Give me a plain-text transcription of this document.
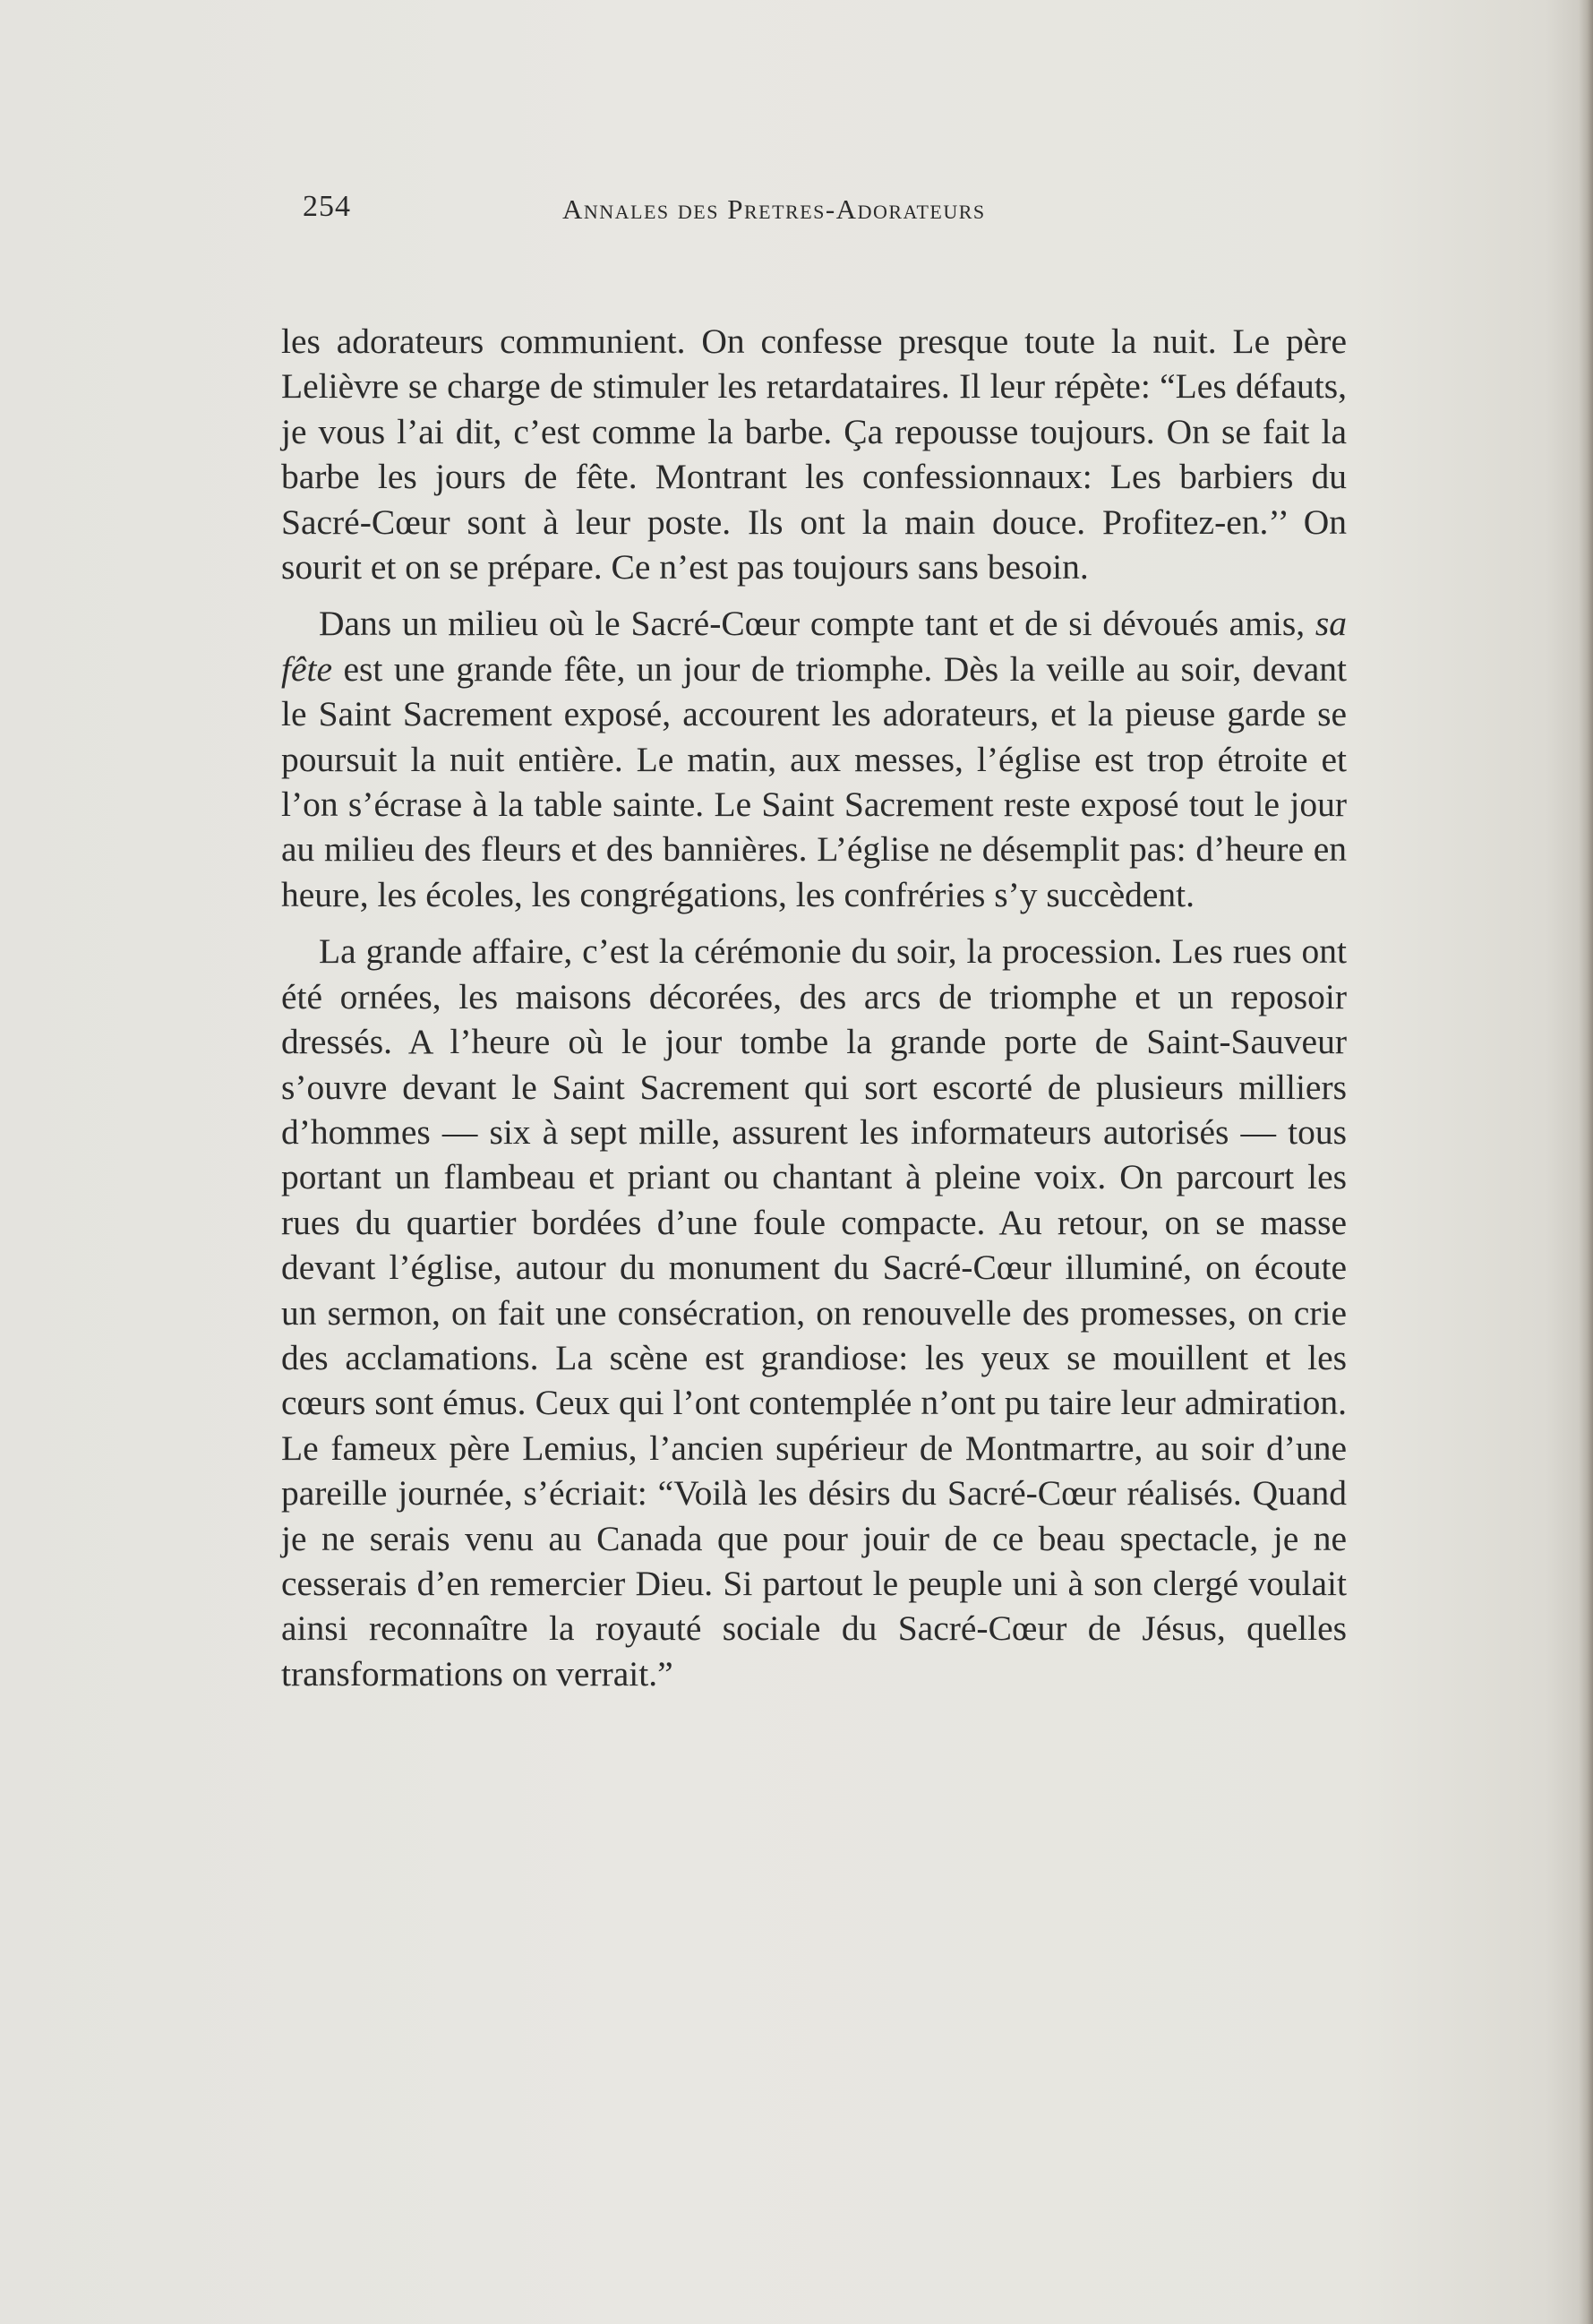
254	Annales des Pretres-Adorateurs

les adorateurs communient. On confesse presque toute la nuit. Le père Lelièvre se charge de stimuler les retardataires. Il leur répète: “Les défauts, je vous l’ai dit, c’est comme la barbe. Ça repousse toujours. On se fait la barbe les jours de fête. Montrant les confessionnaux: Les barbiers du Sacré-Cœur sont à leur poste. Ils ont la main douce. Profitez-en.’’ On sourit et on se prépare. Ce n’est pas toujours sans besoin.

Dans un milieu où le Sacré-Cœur compte tant et de si dévoués amis, sa fête est une grande fête, un jour de triomphe. Dès la veille au soir, devant le Saint Sacrement exposé, accourent les adorateurs, et la pieuse garde se poursuit la nuit entière. Le matin, aux messes, l’église est trop étroite et l’on s’écrase à la table sainte. Le Saint Sacrement reste exposé tout le jour au milieu des fleurs et des bannières. L’église ne désemplit pas: d’heure en heure, les écoles, les congrégations, les confréries s’y succèdent.

La grande affaire, c’est la cérémonie du soir, la procession. Les rues ont été ornées, les maisons décorées, des arcs de triomphe et un reposoir dressés. A l’heure où le jour tombe la grande porte de Saint-Sauveur s’ouvre devant le Saint Sacrement qui sort escorté de plusieurs milliers d’hommes — six à sept mille, assurent les informateurs autorisés — tous portant un flambeau et priant ou chantant à pleine voix. On parcourt les rues du quartier bordées d’une foule compacte. Au retour, on se masse devant l’église, autour du monument du Sacré-Cœur illuminé, on écoute un sermon, on fait une consécration, on renouvelle des promesses, on crie des acclamations. La scène est grandiose: les yeux se mouillent et les cœurs sont émus. Ceux qui l’ont contemplée n’ont pu taire leur admiration. Le fameux père Lemius, l’ancien supérieur de Montmartre, au soir d’une pareille journée, s’écriait: “Voilà les désirs du Sacré-Cœur réalisés. Quand je ne serais venu au Canada que pour jouir de ce beau spectacle, je ne cesserais d’en remercier Dieu. Si partout le peuple uni à son clergé voulait ainsi reconnaître la royauté sociale du Sacré-Cœur de Jésus, quelles transformations on verrait.”
